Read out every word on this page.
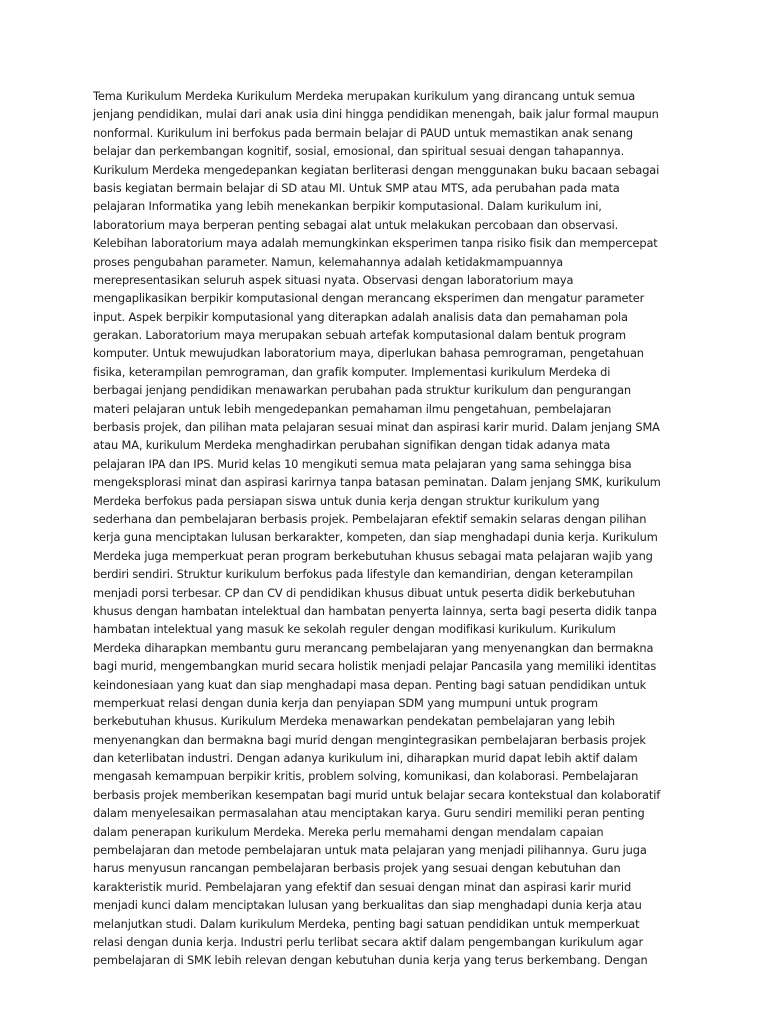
Tema Kurikulum Merdeka Kurikulum Merdeka merupakan kurikulum yang dirancang untuk semua
jenjang pendidikan, mulai dari anak usia dini hingga pendidikan menengah, baik jalur formal maupun
nonformal. Kurikulum ini berfokus pada bermain belajar di PAUD untuk memastikan anak senang
belajar dan perkembangan kognitif, sosial, emosional, dan spiritual sesuai dengan tahapannya.
Kurikulum Merdeka mengedepankan kegiatan berliterasi dengan menggunakan buku bacaan sebagai
basis kegiatan bermain belajar di SD atau MI. Untuk SMP atau MTS, ada perubahan pada mata
pelajaran Informatika yang lebih menekankan berpikir komputasional. Dalam kurikulum ini,
laboratorium maya berperan penting sebagai alat untuk melakukan percobaan dan observasi.
Kelebihan laboratorium maya adalah memungkinkan eksperimen tanpa risiko fisik dan mempercepat
proses pengubahan parameter. Namun, kelemahannya adalah ketidakmampuannya
merepresentasikan seluruh aspek situasi nyata. Observasi dengan laboratorium maya
mengaplikasikan berpikir komputasional dengan merancang eksperimen dan mengatur parameter
input. Aspek berpikir komputasional yang diterapkan adalah analisis data dan pemahaman pola
gerakan. Laboratorium maya merupakan sebuah artefak komputasional dalam bentuk program
komputer. Untuk mewujudkan laboratorium maya, diperlukan bahasa pemrograman, pengetahuan
fisika, keterampilan pemrograman, dan grafik komputer. Implementasi kurikulum Merdeka di
berbagai jenjang pendidikan menawarkan perubahan pada struktur kurikulum dan pengurangan
materi pelajaran untuk lebih mengedepankan pemahaman ilmu pengetahuan, pembelajaran
berbasis projek, dan pilihan mata pelajaran sesuai minat dan aspirasi karir murid. Dalam jenjang SMA
atau MA, kurikulum Merdeka menghadirkan perubahan signifikan dengan tidak adanya mata
pelajaran IPA dan IPS. Murid kelas 10 mengikuti semua mata pelajaran yang sama sehingga bisa
mengeksplorasi minat dan aspirasi karirnya tanpa batasan peminatan. Dalam jenjang SMK, kurikulum
Merdeka berfokus pada persiapan siswa untuk dunia kerja dengan struktur kurikulum yang
sederhana dan pembelajaran berbasis projek. Pembelajaran efektif semakin selaras dengan pilihan
kerja guna menciptakan lulusan berkarakter, kompeten, dan siap menghadapi dunia kerja. Kurikulum
Merdeka juga memperkuat peran program berkebutuhan khusus sebagai mata pelajaran wajib yang
berdiri sendiri. Struktur kurikulum berfokus pada lifestyle dan kemandirian, dengan keterampilan
menjadi porsi terbesar. CP dan CV di pendidikan khusus dibuat untuk peserta didik berkebutuhan
khusus dengan hambatan intelektual dan hambatan penyerta lainnya, serta bagi peserta didik tanpa
hambatan intelektual yang masuk ke sekolah reguler dengan modifikasi kurikulum. Kurikulum
Merdeka diharapkan membantu guru merancang pembelajaran yang menyenangkan dan bermakna
bagi murid, mengembangkan murid secara holistik menjadi pelajar Pancasila yang memiliki identitas
keindonesiaan yang kuat dan siap menghadapi masa depan. Penting bagi satuan pendidikan untuk
memperkuat relasi dengan dunia kerja dan penyiapan SDM yang mumpuni untuk program
berkebutuhan khusus. Kurikulum Merdeka menawarkan pendekatan pembelajaran yang lebih
menyenangkan dan bermakna bagi murid dengan mengintegrasikan pembelajaran berbasis projek
dan keterlibatan industri. Dengan adanya kurikulum ini, diharapkan murid dapat lebih aktif dalam
mengasah kemampuan berpikir kritis, problem solving, komunikasi, dan kolaborasi. Pembelajaran
berbasis projek memberikan kesempatan bagi murid untuk belajar secara kontekstual dan kolaboratif
dalam menyelesaikan permasalahan atau menciptakan karya. Guru sendiri memiliki peran penting
dalam penerapan kurikulum Merdeka. Mereka perlu memahami dengan mendalam capaian
pembelajaran dan metode pembelajaran untuk mata pelajaran yang menjadi pilihannya. Guru juga
harus menyusun rancangan pembelajaran berbasis projek yang sesuai dengan kebutuhan dan
karakteristik murid. Pembelajaran yang efektif dan sesuai dengan minat dan aspirasi karir murid
menjadi kunci dalam menciptakan lulusan yang berkualitas dan siap menghadapi dunia kerja atau
melanjutkan studi. Dalam kurikulum Merdeka, penting bagi satuan pendidikan untuk memperkuat
relasi dengan dunia kerja. Industri perlu terlibat secara aktif dalam pengembangan kurikulum agar
pembelajaran di SMK lebih relevan dengan kebutuhan dunia kerja yang terus berkembang. Dengan
